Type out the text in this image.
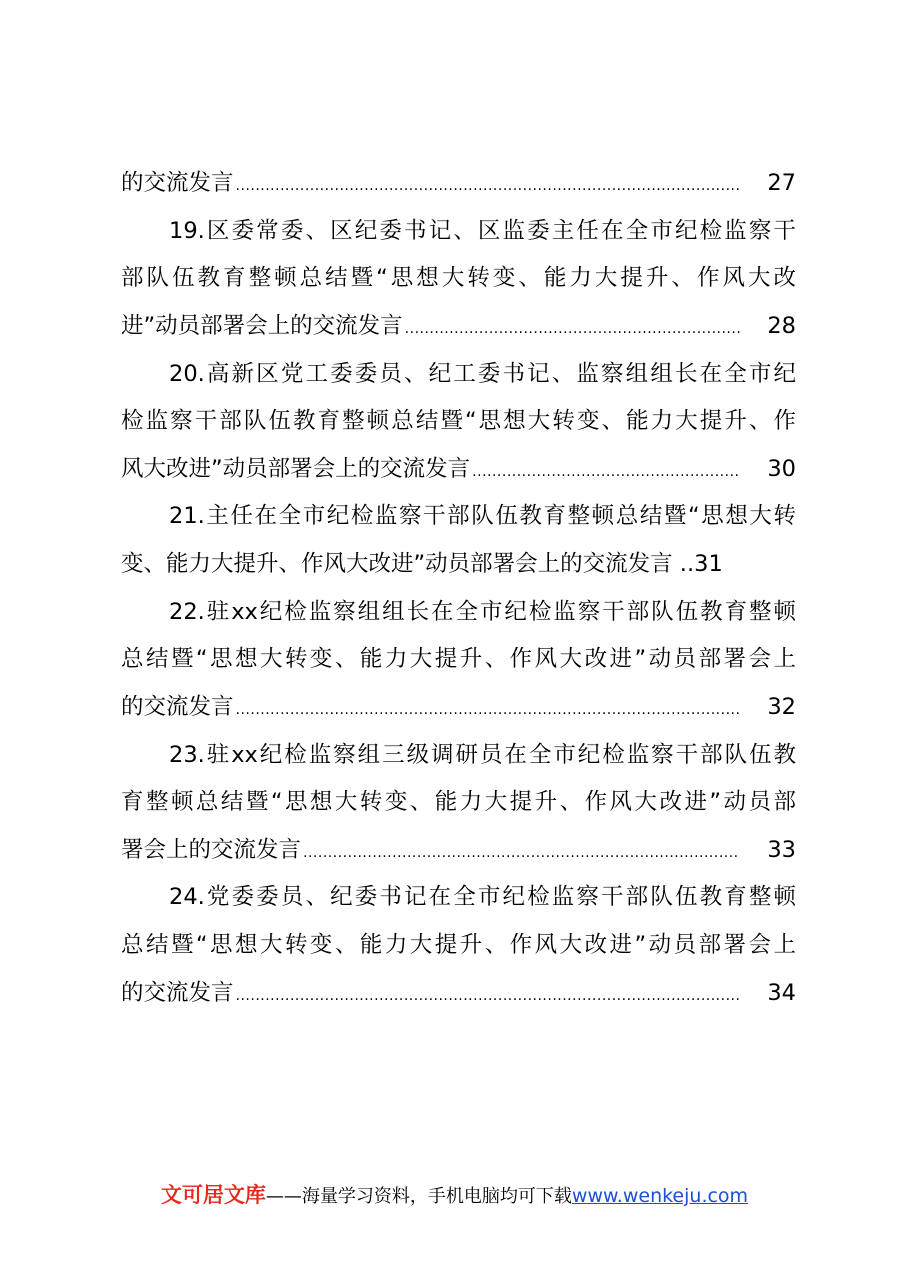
的交流发言 .....	27
19.区委常委、区纪委书记、区监委主任在全市纪检监察干
部队伍教育整顿总结暨“思想大转变、能力大提升、作风大改
进”动员部署会上的交流发言 .....	28
20.高新区党工委委员、纪工委书记、监察组组长在全市纪
检监察干部队伍教育整顿总结暨“思想大转变、能力大提升、作
风大改进”动员部署会上的交流发言 .....	30
21.主任在全市纪检监察干部队伍教育整顿总结暨“思想大转
变、能力大提升、作风大改进”动员部署会上的交流发言 .. 31
22.驻xx纪检监察组组长在全市纪检监察干部队伍教育整顿
总结暨“思想大转变、能力大提升、作风大改进”动员部署会上
的交流发言 .....	32
23.驻xx纪检监察组三级调研员在全市纪检监察干部队伍教
育整顿总结暨“思想大转变、能力大提升、作风大改进”动员部
署会上的交流发言 .....	33
24.党委委员、纪委书记在全市纪检监察干部队伍教育整顿
总结暨“思想大转变、能力大提升、作风大改进”动员部署会上
的交流发言 .....	34
文可居文库——海量学习资料，手机电脑均可下载www.wenkeju.com
